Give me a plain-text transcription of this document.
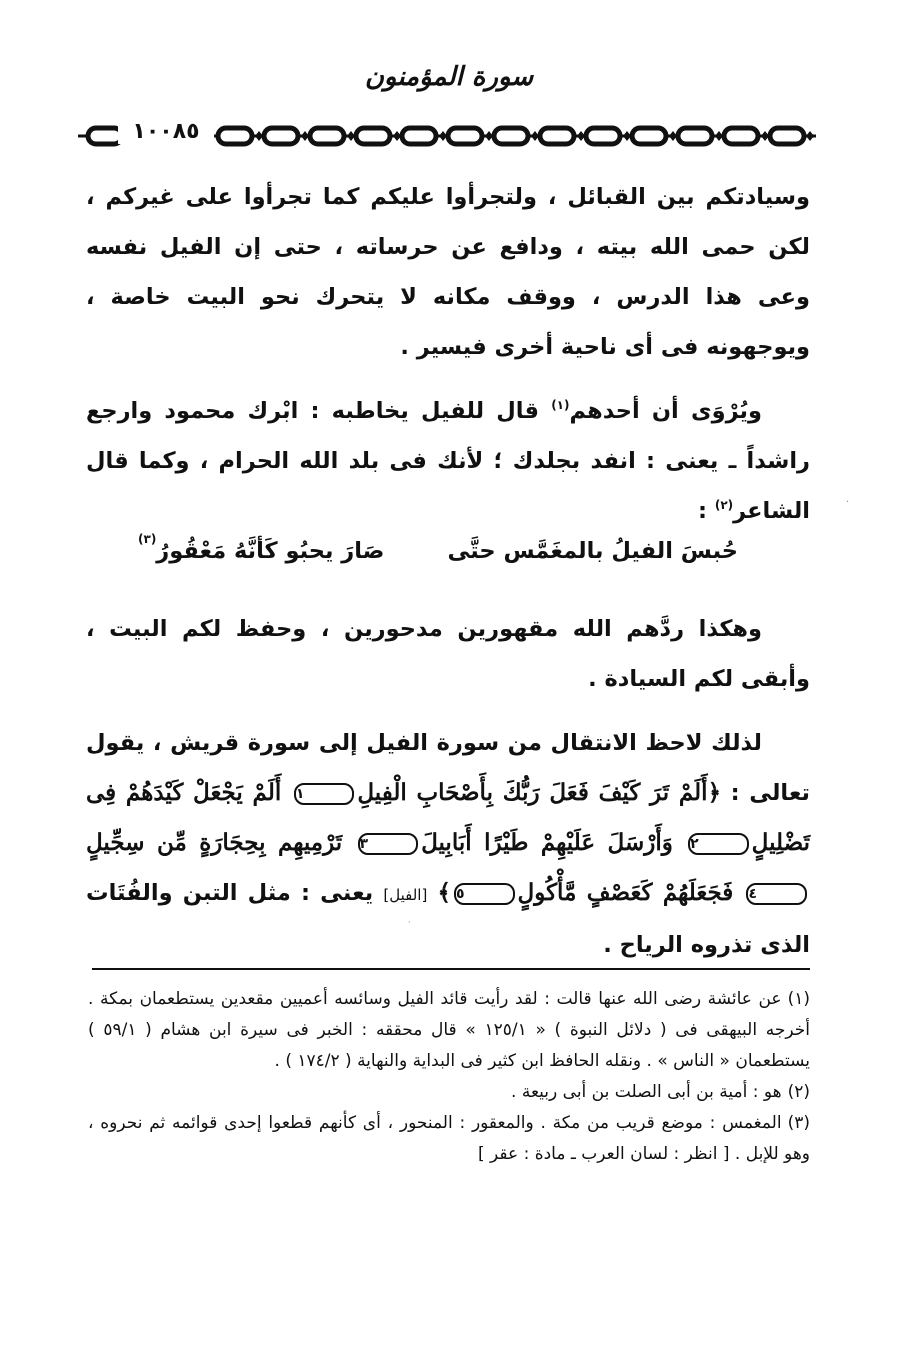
سورة المؤمنون
١٠٠٨٥

وسيادتكم بين القبائل ، ولتجرأوا عليكم كما تجرأوا على غيركم ، لكن حمى الله بيته ، ودافع عن حرساته ، حتى إن الفيل نفسه وعى هذا الدرس ، ووقف مكانه لا يتحرك نحو البيت خاصة ، ويوجهونه فى أى ناحية أخرى فيسير .

ويُرْوَى أن أحدهم$^{(١)}$ قال للفيل يخاطبه : ابْرك محمود وارجع راشداً ـ يعنى : انفد بجلدك ؛ لأنك فى بلد الله الحرام ، وكما قال الشاعر$^{(٢)}$ :

وهكذا ردَّهم الله مقهورين مدحورين ، وحفظ لكم البيت ، وأبقى لكم السيادة .

لذلك لاحظ الانتقال من سورة الفيل إلى سورة قريش ، يقول تعالى : ﴿أَلَمْ تَرَ كَيْفَ فَعَلَ رَبُّكَ بِأَصْحَابِ الْفِيلِ١ أَلَمْ يَجْعَلْ كَيْدَهُمْ فِى تَضْلِيلٍ٢ وَأَرْسَلَ عَلَيْهِمْ طَيْرًا أَبَابِيلَ٣ تَرْمِيهِم بِحِجَارَةٍ مِّن سِجِّيلٍ٤ فَجَعَلَهُمْ كَعَصْفٍ مَّأْكُولٍ٥﴾ [الفيل] يعنى : مثل التبن والفُتَات الذى تذروه الرياح .

حُبسَ الفيلُ بالمغَمَّس حتَّى
صَارَ يحبُو كَأنَّهُ مَعْقُورُ$^{(٣)}$

(١)عن عائشة رضى الله عنها قالت : لقد رأيت قائد الفيل وسائسه أعميين مقعدين يستطعمان بمكة . أخرجه البيهقى فى ( دلائل النبوة ) « ١٢٥/١ » قال محققه : الخبر فى سيرة ابن هشام ( ٥٩/١ ) يستطعمان « الناس » . ونقله الحافظ ابن كثير فى البداية والنهاية ( ١٧٤/٢ ) .

(٢)هو : أمية بن أبى الصلت بن أبى ربيعة .

(٣)المغمس : موضع قريب من مكة . والمعقور : المنحور ، أى كأنهم قطعوا إحدى قوائمه ثم نحروه ، وهو للإبل . [ انظر : لسان العرب ـ مادة : عقر ]

·
·
